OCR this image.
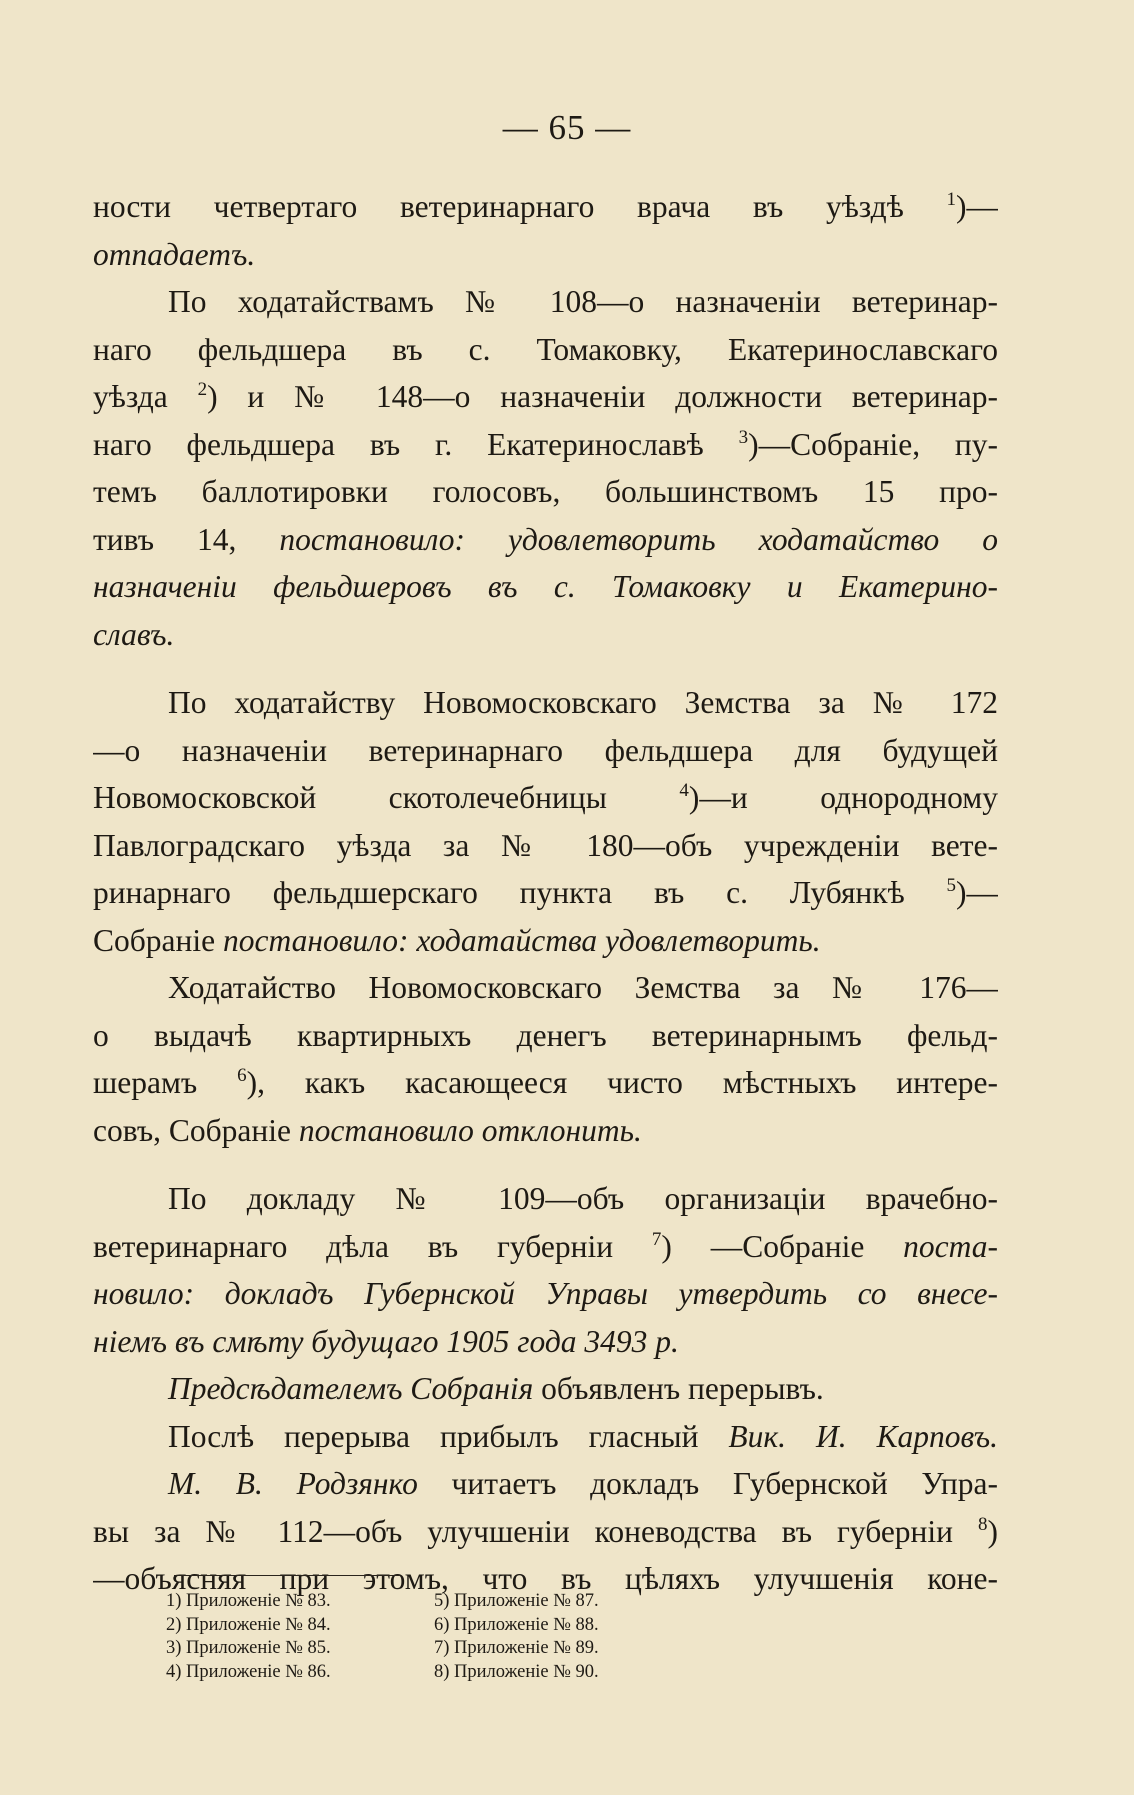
— 65 —
ности четвертаго ветеринарнаго врача въ уѣздѣ $^1$)—
отпадаетъ.
По ходатайствамъ № 108—о назначенiи ветеринар-
наго фельдшера въ с. Томаковку, Екатеринославскаго
уѣзда $^2$) и № 148—о назначенiи должности ветеринар-
наго фельдшера въ г. Екатеринославѣ $^3$)—Собранiе, пу-
темъ баллотировки голосовъ, большинствомъ 15 про-
тивъ 14, постановило: удовлетворить ходатайство о
назначенiи фельдшеровъ въ с. Томаковку и Екатерино-
славъ.
По ходатайству Новомосковскаго Земства за № 172
—о назначенiи ветеринарнаго фельдшера для будущей
Новомосковской скотолечебницы $^4$)—и однородному
Павлоградскаго уѣзда за № 180—объ учрежденiи вете-
ринарнаго фельдшерскаго пункта въ с. Лубянкѣ $^5$)—
Собранiе постановило: ходатайства удовлетворить.
Ходатайство Новомосковскаго Земства за № 176—
о выдачѣ квартирныхъ денегъ ветеринарнымъ фельд-
шерамъ $^6$), какъ касающееся чисто мѣстныхъ интере-
совъ, Собранiе постановило отклонить.
По докладу № 109—объ организацiи врачебно-
ветеринарнаго дѣла въ губернiи $^7$) —Собранiе поста-
новило: докладъ Губернской Управы утвердить со внесе-
нiемъ въ смѣту будущаго 1905 года 3493 р.
Предсѣдателемъ Собранiя объявленъ перерывъ.
Послѣ перерыва прибылъ гласный Вик. И. Карповъ.
М. В. Родзянко читаетъ докладъ Губернской Упра-
вы за № 112—объ улучшенiи коневодства въ губернiи $^8$)
—объясняя при этомъ, что въ цѣляхъ улучшенiя коне-
1) Приложенiе № 83.	5) Приложенiе № 87.
2) Приложенiе № 84.	6) Приложенiе № 88.
3) Приложенiе № 85.	7) Приложенiе № 89.
4) Приложенiе № 86.	8) Приложенiе № 90.
